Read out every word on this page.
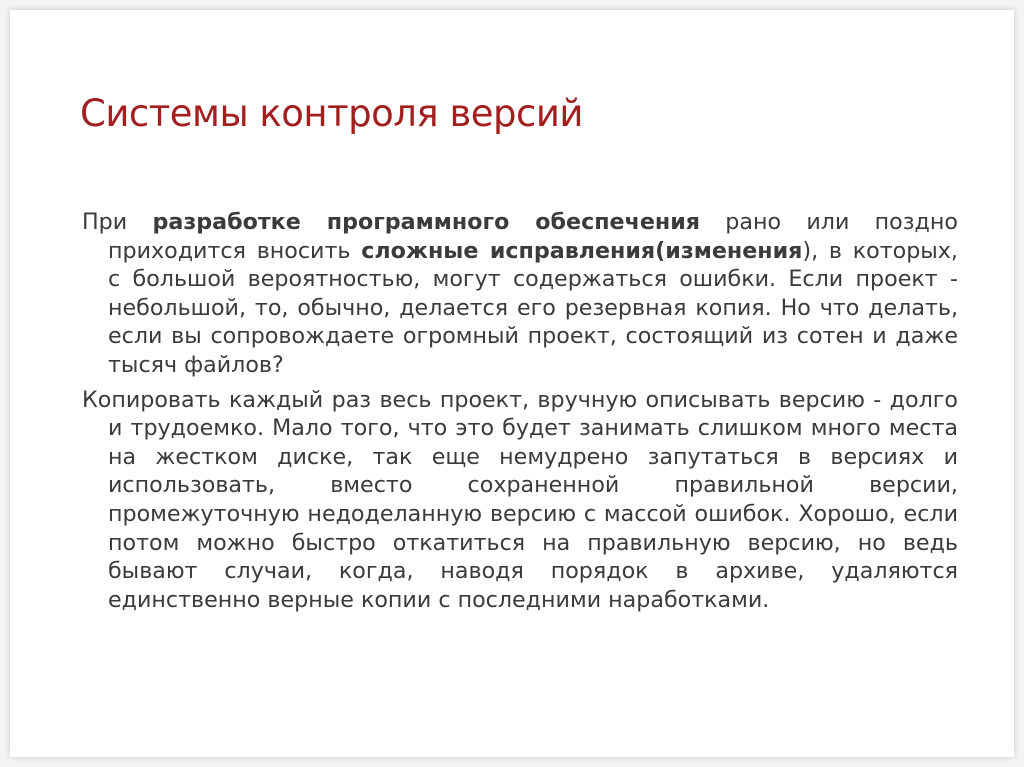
Системы контроля версий

При разработке программного обеспечения рано или поздно приходится вносить сложные исправления(изменения), в которых, с большой вероятностью, могут содержаться ошибки. Если проект - небольшой, то, обычно, делается его резервная копия. Но что делать, если вы сопровождаете огромный проект, состоящий из сотен и даже тысяч файлов?

Копировать каждый раз весь проект, вручную описывать версию - долго и трудоемко. Мало того, что это будет занимать слишком много места на жестком диске, так еще немудрено запутаться в версиях и использовать, вместо сохраненной правильной версии, промежуточную недоделанную версию с массой ошибок. Хорошо, если потом можно быстро откатиться на правильную версию, но ведь бывают случаи, когда, наводя порядок в архиве, удаляются единственно верные копии с последними наработками.
